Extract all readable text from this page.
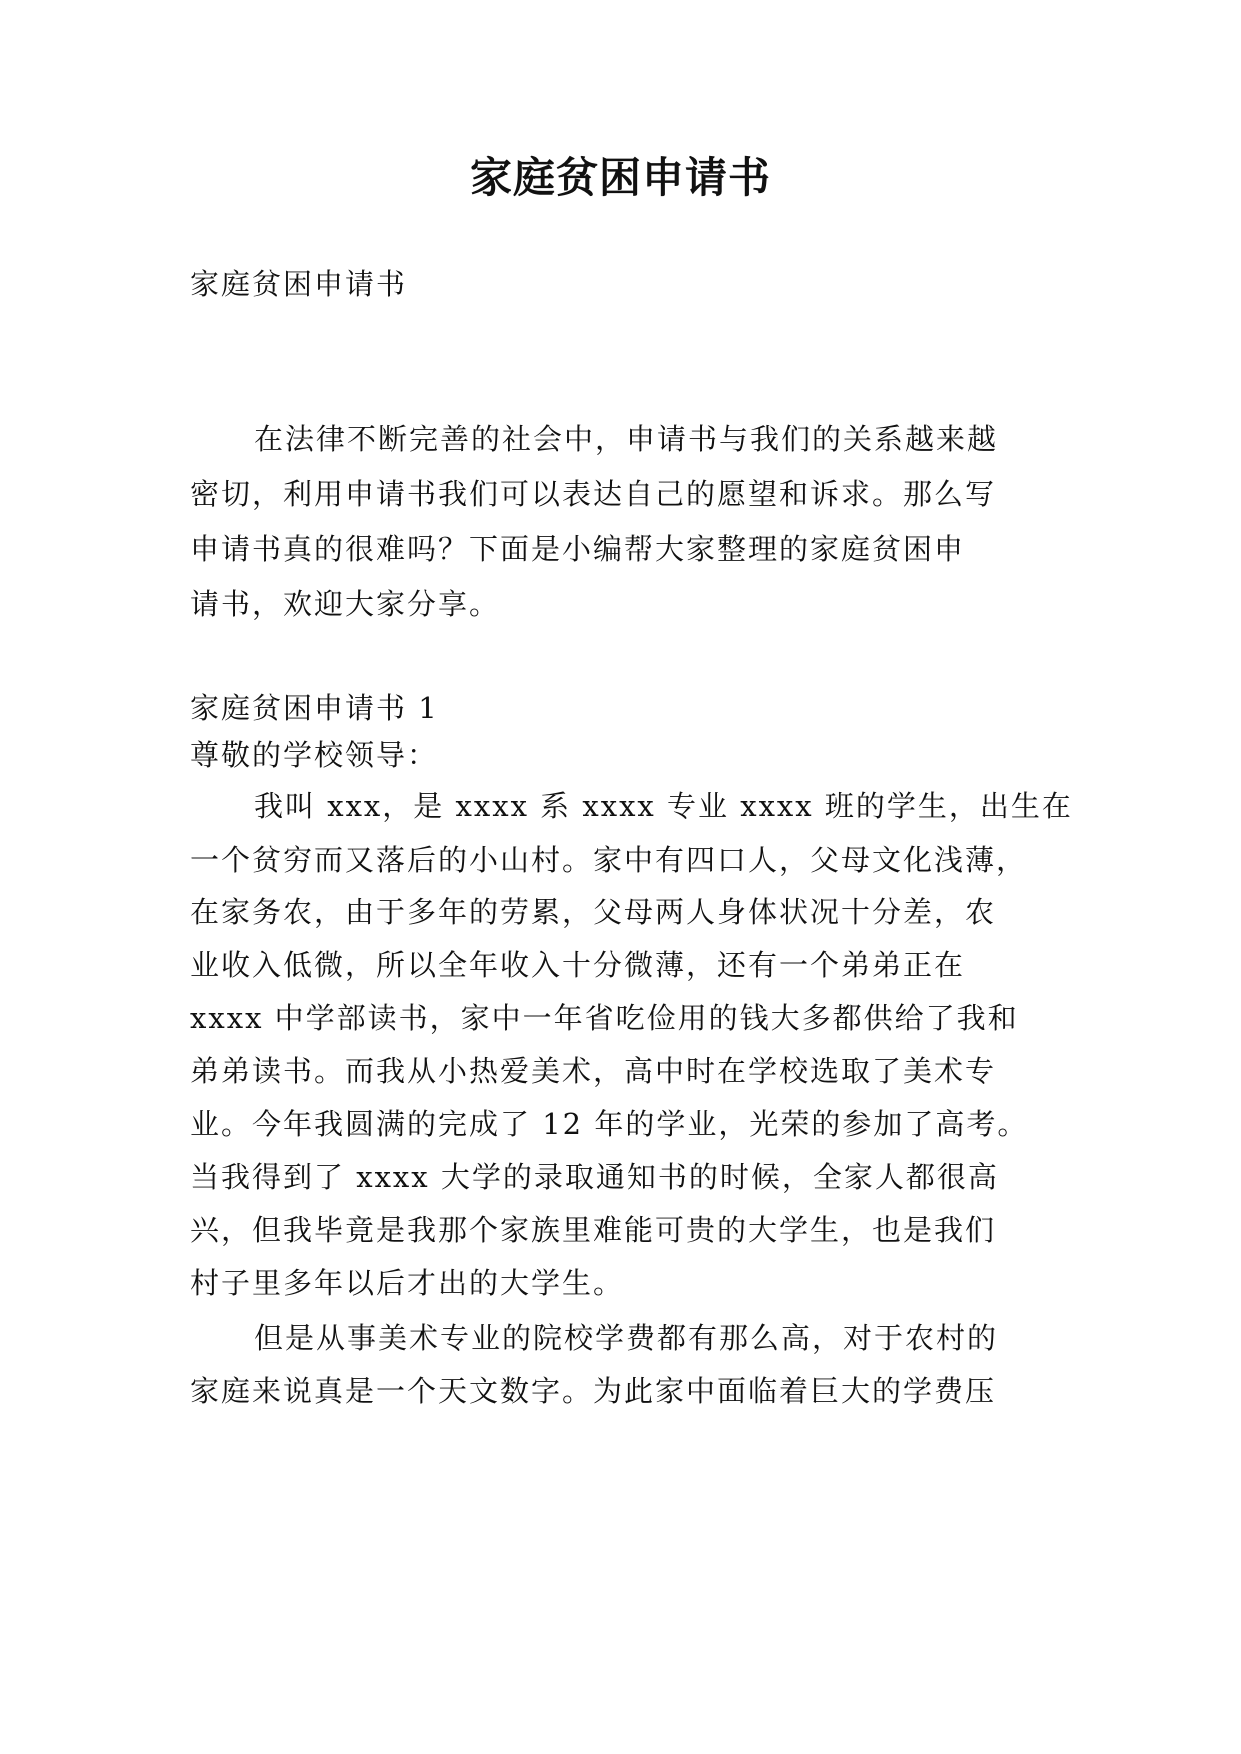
家庭贫困申请书

家庭贫困申请书

在法律不断完善的社会中，申请书与我们的关系越来越

密切，利用申请书我们可以表达自己的愿望和诉求。那么写

申请书真的很难吗？下面是小编帮大家整理的家庭贫困申

请书，欢迎大家分享。

家庭贫困申请书 1

尊敬的学校领导：

我叫 xxx，是 xxxx 系 xxxx 专业 xxxx 班的学生，出生在

一个贫穷而又落后的小山村。家中有四口人，父母文化浅薄，

在家务农，由于多年的劳累，父母两人身体状况十分差，农

业收入低微，所以全年收入十分微薄，还有一个弟弟正在

xxxx 中学部读书，家中一年省吃俭用的钱大多都供给了我和

弟弟读书。而我从小热爱美术，高中时在学校选取了美术专

业。今年我圆满的完成了 12 年的学业，光荣的参加了高考。

当我得到了 xxxx 大学的录取通知书的时候，全家人都很高

兴，但我毕竟是我那个家族里难能可贵的大学生，也是我们

村子里多年以后才出的大学生。

但是从事美术专业的院校学费都有那么高，对于农村的

家庭来说真是一个天文数字。为此家中面临着巨大的学费压
